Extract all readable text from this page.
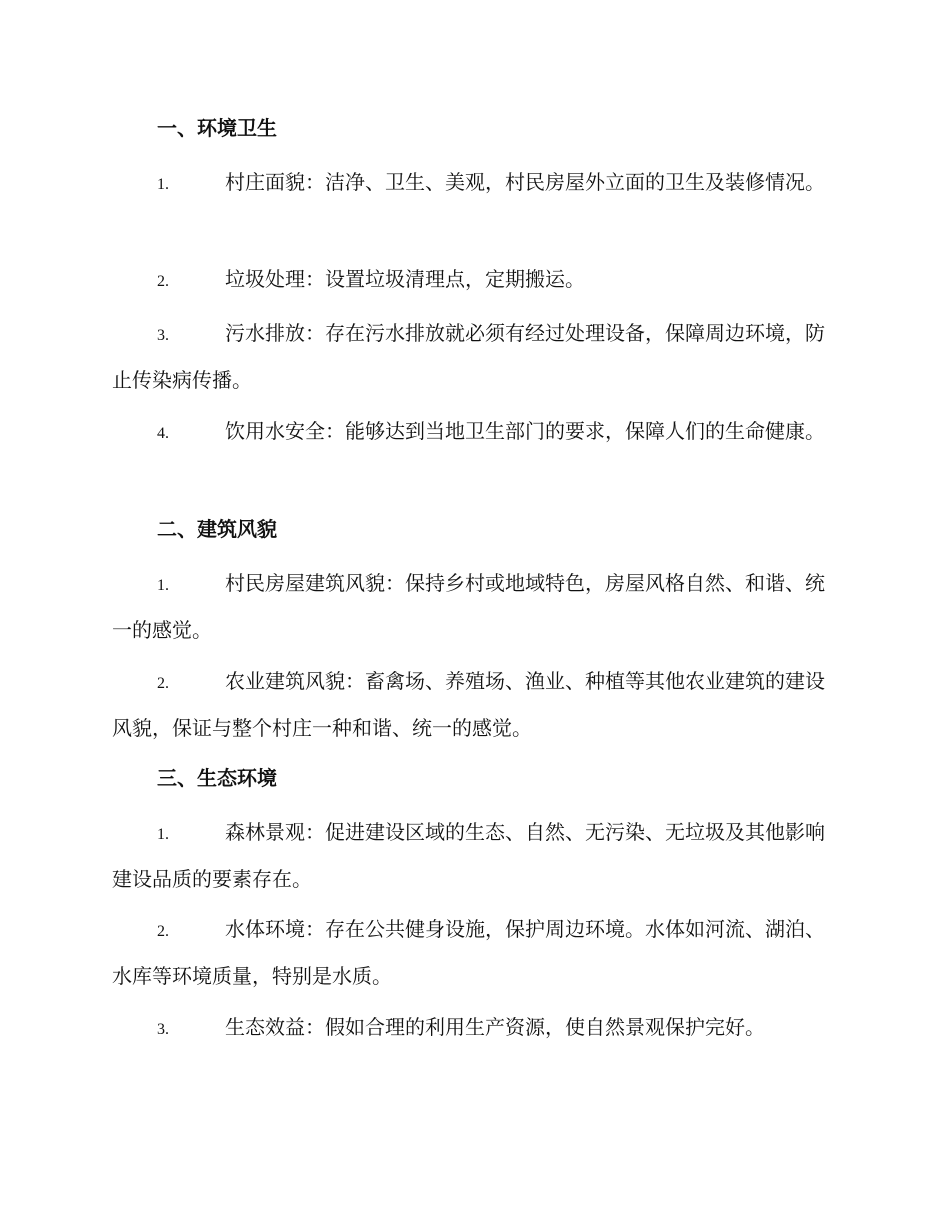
一、环境卫生
1.	村庄面貌：洁净、卫生、美观，村民房屋外立面的卫生及装修情况。
2.	垃圾处理：设置垃圾清理点，定期搬运。
3.	污水排放：存在污水排放就必须有经过处理设备，保障周边环境，防止传染病传播。
4.	饮用水安全：能够达到当地卫生部门的要求，保障人们的生命健康。
二、建筑风貌
1.	村民房屋建筑风貌：保持乡村或地域特色，房屋风格自然、和谐、统一的感觉。
2.	农业建筑风貌：畜禽场、养殖场、渔业、种植等其他农业建筑的建设风貌，保证与整个村庄一种和谐、统一的感觉。
三、生态环境
1.	森林景观：促进建设区域的生态、自然、无污染、无垃圾及其他影响建设品质的要素存在。
2.	水体环境：存在公共健身设施，保护周边环境。水体如河流、湖泊、水库等环境质量，特别是水质。
3.	生态效益：假如合理的利用生产资源，使自然景观保护完好。
